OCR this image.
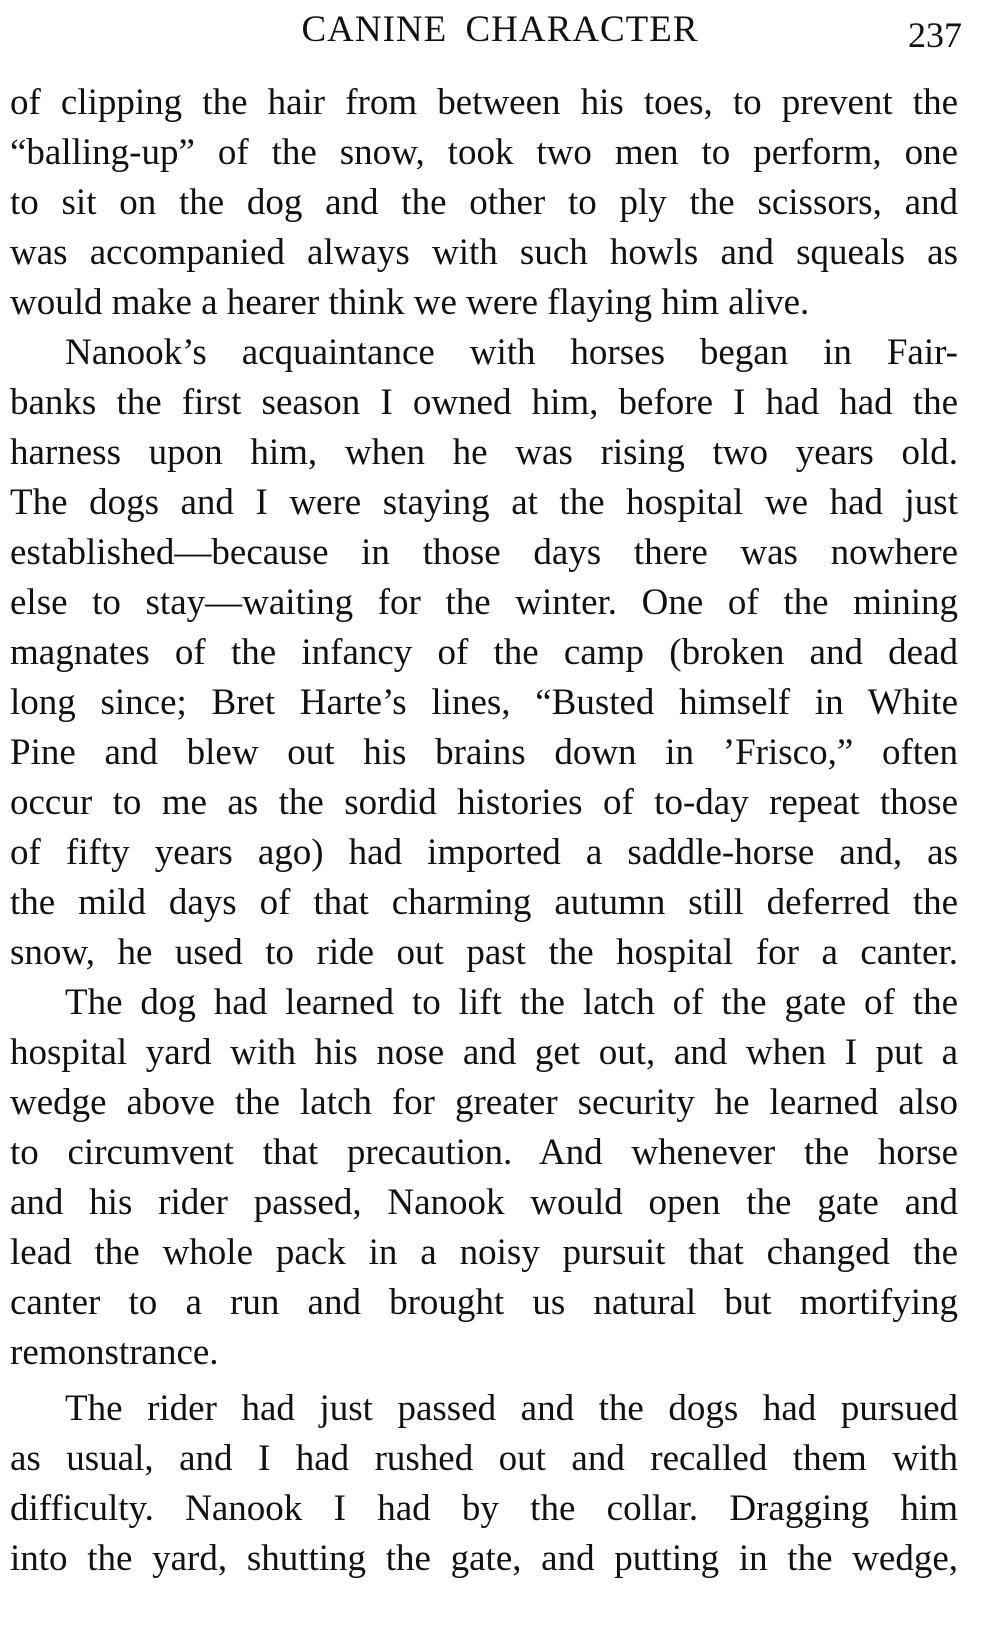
CANINE CHARACTER	237
of clipping the hair from between his toes, to prevent the
“balling-up” of the snow, took two men to perform, one
to sit on the dog and the other to ply the scissors, and
was accompanied always with such howls and squeals as
would make a hearer think we were flaying him alive.
Nanook’s acquaintance with horses began in Fair-
banks the first season I owned him, before I had had the
harness upon him, when he was rising two years old.
The dogs and I were staying at the hospital we had just
established—because in those days there was nowhere
else to stay—waiting for the winter. One of the mining
magnates of the infancy of the camp (broken and dead
long since; Bret Harte’s lines, “Busted himself in White
Pine and blew out his brains down in ’Frisco,” often
occur to me as the sordid histories of to-day repeat those
of fifty years ago) had imported a saddle-horse and, as
the mild days of that charming autumn still deferred the
snow, he used to ride out past the hospital for a canter.
The dog had learned to lift the latch of the gate of the
hospital yard with his nose and get out, and when I put a
wedge above the latch for greater security he learned also
to circumvent that precaution. And whenever the horse
and his rider passed, Nanook would open the gate and
lead the whole pack in a noisy pursuit that changed the
canter to a run and brought us natural but mortifying
remonstrance.
The rider had just passed and the dogs had pursued
as usual, and I had rushed out and recalled them with
difficulty. Nanook I had by the collar. Dragging him
into the yard, shutting the gate, and putting in the wedge,
